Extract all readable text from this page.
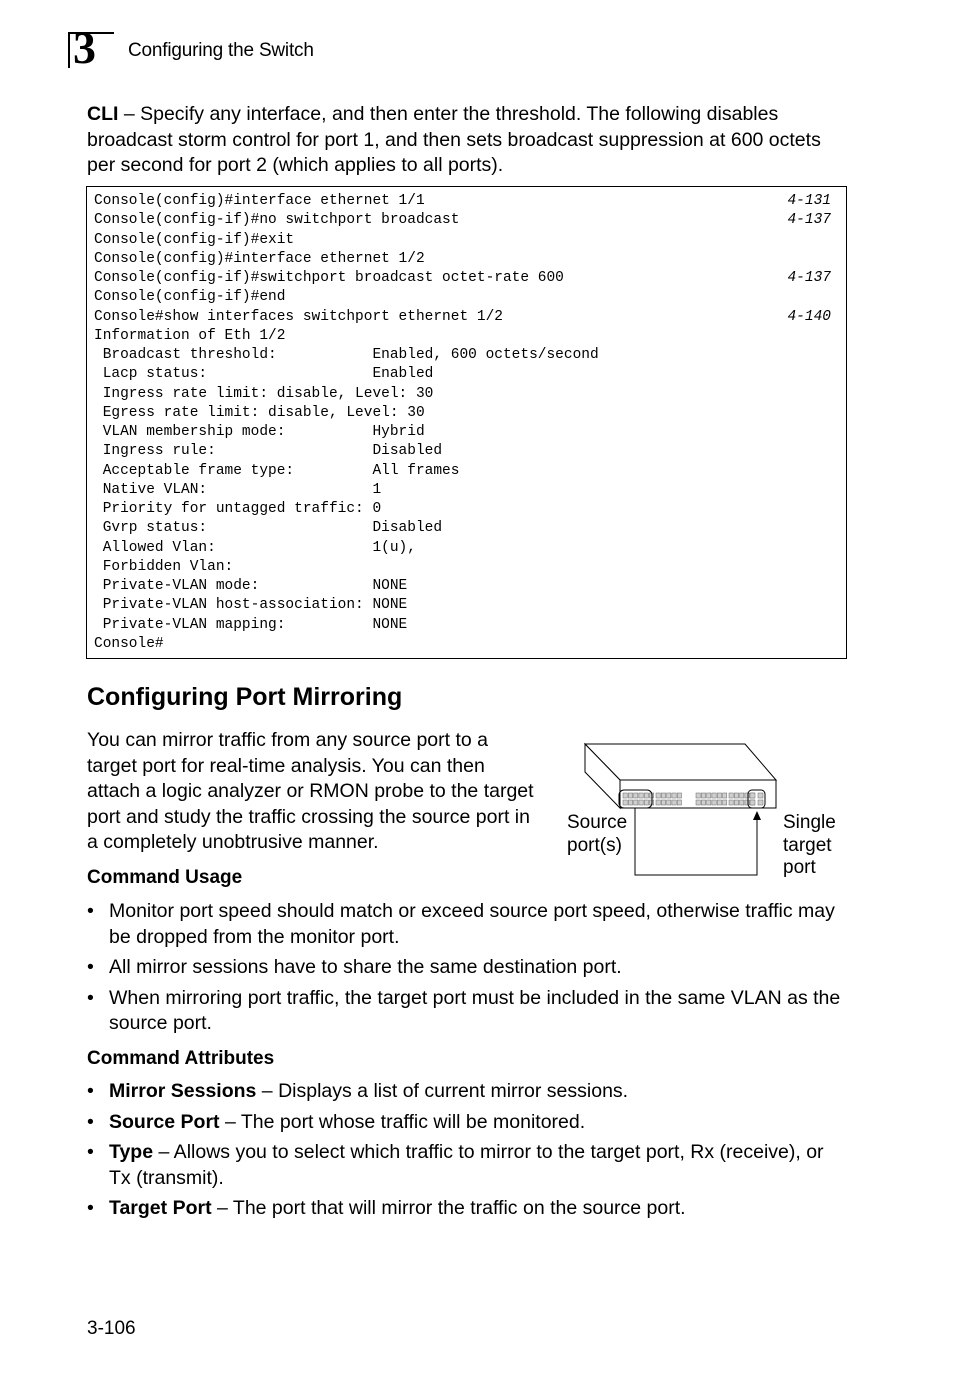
3 Configuring the Switch
CLI – Specify any interface, and then enter the threshold. The following disables broadcast storm control for port 1, and then sets broadcast suppression at 600 octets per second for port 2 (which applies to all ports).
Console(config)#interface ethernet 1/1	4-131
Console(config-if)#no switchport broadcast	4-137
Console(config-if)#exit
Console(config)#interface ethernet 1/2
Console(config-if)#switchport broadcast octet-rate 600	4-137
Console(config-if)#end
Console#show interfaces switchport ethernet 1/2	4-140
Information of Eth 1/2
Broadcast threshold:           Enabled, 600 octets/second
Lacp status:                   Enabled
Ingress rate limit: disable, Level: 30
Egress rate limit: disable, Level: 30
VLAN membership mode:          Hybrid
Ingress rule:                  Disabled
Acceptable frame type:         All frames
Native VLAN:                   1
Priority for untagged traffic: 0
Gvrp status:                   Disabled
Allowed Vlan:                  1(u),
Forbidden Vlan:
Private-VLAN mode:             NONE
Private-VLAN host-association: NONE
Private-VLAN mapping:          NONE
Console#
Configuring Port Mirroring
You can mirror traffic from any source port to a target port for real-time analysis. You can then attach a logic analyzer or RMON probe to the target port and study the traffic crossing the source port in a completely unobtrusive manner.
Source
port(s)
Single
target
port
Command Usage
• Monitor port speed should match or exceed source port speed, otherwise traffic may be dropped from the monitor port.
• All mirror sessions have to share the same destination port.
• When mirroring port traffic, the target port must be included in the same VLAN as the source port.
Command Attributes
• Mirror Sessions – Displays a list of current mirror sessions.
• Source Port – The port whose traffic will be monitored.
• Type – Allows you to select which traffic to mirror to the target port, Rx (receive), or Tx (transmit).
• Target Port – The port that will mirror the traffic on the source port.
3-106
